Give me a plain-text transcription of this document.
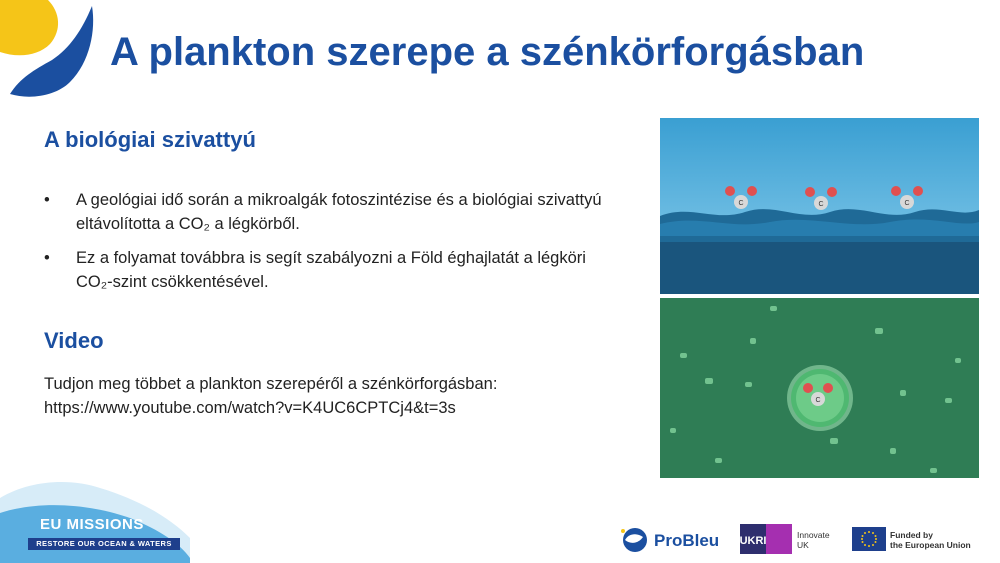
A plankton szerepe a szénkörforgásban
A biológiai szivattyú
• A geológiai idő során a mikroalgák fotoszintézise és a biológiai szivattyú eltávolította a CO₂ a légkörből.
• Ez a folyamat továbbra is segít szabályozni a Föld éghajlatát a légköri CO₂-szint csökkentésével.
Video
Tudjon meg többet a plankton szerepéről a szénkörforgásban:
https://www.youtube.com/watch?v=K4UC6CPTCj4&t=3s
C	C	C
C
EU MISSIONS
RESTORE OUR OCEAN & WATERS	ProBleu UKRI	Innovate
UK
Funded by
the European Union
